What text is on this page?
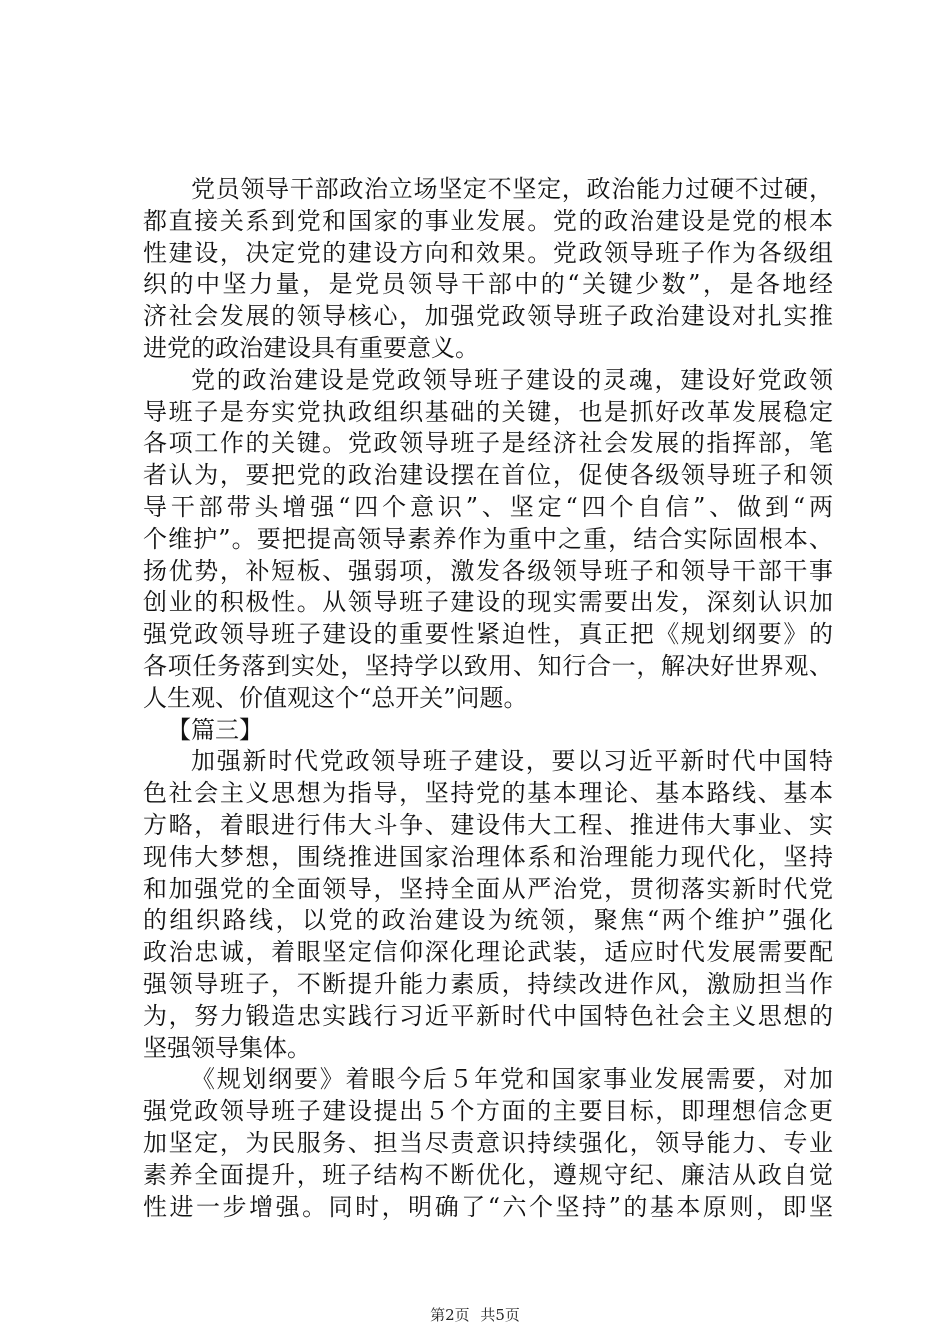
党员领导干部政治立场坚定不坚定，政治能力过硬不过硬，
都直接关系到党和国家的事业发展。党的政治建设是党的根本
性建设，决定党的建设方向和效果。党政领导班子作为各级组
织的中坚力量，是党员领导干部中的“关键少数”，是各地经
济社会发展的领导核心，加强党政领导班子政治建设对扎实推
进党的政治建设具有重要意义。
党的政治建设是党政领导班子建设的灵魂，建设好党政领
导班子是夯实党执政组织基础的关键，也是抓好改革发展稳定
各项工作的关键。党政领导班子是经济社会发展的指挥部，笔
者认为，要把党的政治建设摆在首位，促使各级领导班子和领
导干部带头增强“四个意识”、坚定“四个自信”、做到“两
个维护”。要把提高领导素养作为重中之重，结合实际固根本、
扬优势，补短板、强弱项，激发各级领导班子和领导干部干事
创业的积极性。从领导班子建设的现实需要出发，深刻认识加
强党政领导班子建设的重要性紧迫性，真正把《规划纲要》的
各项任务落到实处，坚持学以致用、知行合一，解决好世界观、
人生观、价值观这个“总开关”问题。
【篇三】
加强新时代党政领导班子建设，要以习近平新时代中国特
色社会主义思想为指导，坚持党的基本理论、基本路线、基本
方略，着眼进行伟大斗争、建设伟大工程、推进伟大事业、实
现伟大梦想，围绕推进国家治理体系和治理能力现代化，坚持
和加强党的全面领导，坚持全面从严治党，贯彻落实新时代党
的组织路线，以党的政治建设为统领，聚焦“两个维护”强化
政治忠诚，着眼坚定信仰深化理论武装，适应时代发展需要配
强领导班子，不断提升能力素质，持续改进作风，激励担当作
为，努力锻造忠实践行习近平新时代中国特色社会主义思想的
坚强领导集体。
《规划纲要》着眼今后５年党和国家事业发展需要，对加
强党政领导班子建设提出５个方面的主要目标，即理想信念更
加坚定，为民服务、担当尽责意识持续强化，领导能力、专业
素养全面提升，班子结构不断优化，遵规守纪、廉洁从政自觉
性进一步增强。同时，明确了“六个坚持”的基本原则，即坚
第2页 共5页
